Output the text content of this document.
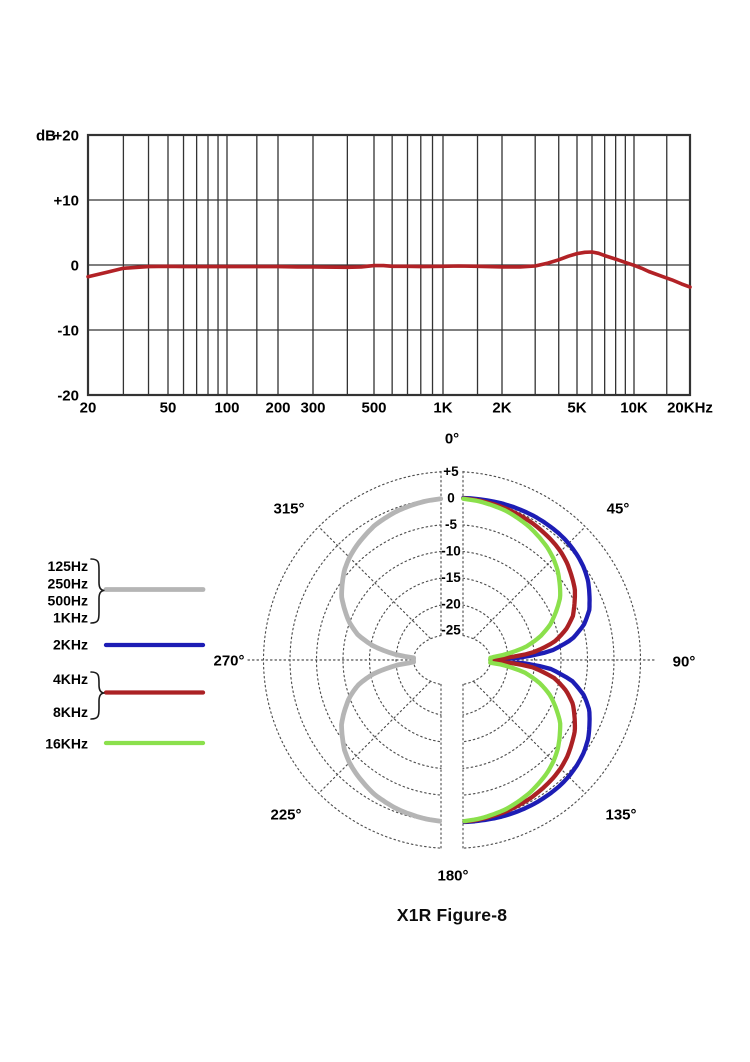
dB
+20
+10
0
-10
-20
20	50	100 200 300 500	1K	2K	5K 10K 20KHz
+5
0
-5
-10
-15
-20
-25
0°
45°
90°
135°
180°
225°
270°
315°
125Hz
250Hz
500Hz
1KHz
2KHz
4KHz
8KHz
16KHz
X1R Figure-8
